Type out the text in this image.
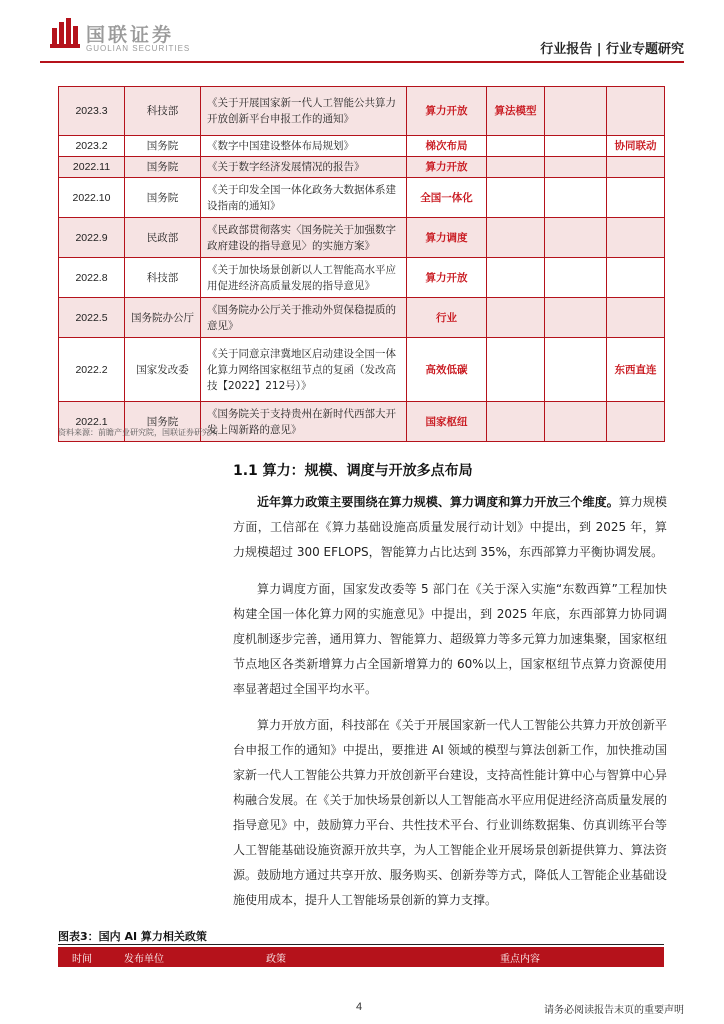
国联证券
GUOLIAN SECURITIES	行业报告 | 行业专题研究
2023.3	科技部	《关于开展国家新一代人工智能公共算力开放创新平台申报工作的通知》	算力开放	算法模型		
2023.2	国务院	《数字中国建设整体布局规划》	梯次布局			协同联动
2022.11	国务院	《关于数字经济发展情况的报告》	算力开放			
2022.10	国务院	《关于印发全国一体化政务大数据体系建设指南的通知》	全国一体化			
2022.9	民政部	《民政部贯彻落实〈国务院关于加强数字政府建设的指导意见〉的实施方案》	算力调度			
2022.8	科技部	《关于加快场景创新以人工智能高水平应用促进经济高质量发展的指导意见》	算力开放			
2022.5	国务院办公厅	《国务院办公厅关于推动外贸保稳提质的意见》	行业			
2022.2	国家发改委	《关于同意京津冀地区启动建设全国一体化算力网络国家枢纽节点的复函（发改高技【2022】212号）》	高效低碳			东西直连
2022.1	国务院	《国务院关于支持贵州在新时代西部大开发上闯新路的意见》	国家枢纽			
资料来源：前瞻产业研究院，国联证券研究所
1.1 算力：规模、调度与开放多点布局
近年算力政策主要围绕在算力规模、算力调度和算力开放三个维度。算力规模方面，工信部在《算力基础设施高质量发展行动计划》中提出，到 2025 年，算力规模超过 300 EFLOPS，智能算力占比达到 35%，东西部算力平衡协调发展。
算力调度方面，国家发改委等 5 部门在《关于深入实施“东数西算”工程加快构建全国一体化算力网的实施意见》中提出，到 2025 年底，东西部算力协同调度机制逐步完善，通用算力、智能算力、超级算力等多元算力加速集聚，国家枢纽节点地区各类新增算力占全国新增算力的 60%以上，国家枢纽节点算力资源使用率显著超过全国平均水平。
算力开放方面，科技部在《关于开展国家新一代人工智能公共算力开放创新平台申报工作的通知》中提出，要推进 AI 领域的模型与算法创新工作，加快推动国家新一代人工智能公共算力开放创新平台建设，支持高性能计算中心与智算中心异构融合发展。在《关于加快场景创新以人工智能高水平应用促进经济高质量发展的指导意见》中，鼓励算力平台、共性技术平台、行业训练数据集、仿真训练平台等人工智能基础设施资源开放共享，为人工智能企业开展场景创新提供算力、算法资源。鼓励地方通过共享开放、服务购买、创新券等方式，降低人工智能企业基础设施使用成本，提升人工智能场景创新的算力支撑。
图表3：国内 AI 算力相关政策
时间	发布单位	政策	重点内容
4	请务必阅读报告末页的重要声明
